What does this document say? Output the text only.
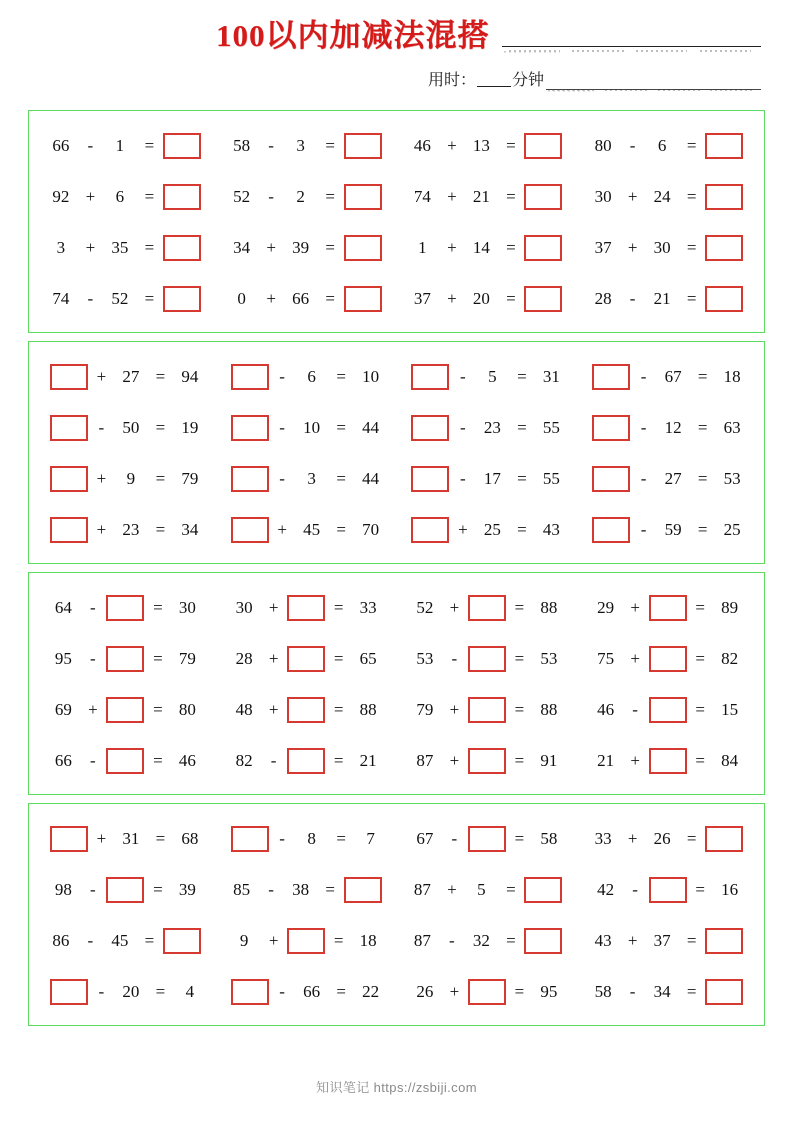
100以内加减法混搭
用时： 分钟
66	-	1	=	58	-	3	=	46 + 13 =	80	-	6	=
92 +	6	=	52	-	2	=	74 + 21 =	30 + 24 =
3	+ 35 =	34 + 39 =	1	+ 14 =	37 + 30 =
74	-	52 =	0	+ 66 =	37 + 20 =	28	-	21 =
+ 27 = 94	-	6	= 10	-	5	= 31	-	67 = 18
-	50 = 19	-	10 = 44	-	23 = 55	-	12 = 63
+	9	= 79	-	3	= 44	-	17 = 55	-	27 = 53
+ 23 = 34	+ 45 = 70	+ 25 = 43	-	59 = 25
64	-	= 30 30 +	= 33 52 +	= 88 29 +	= 89
95	-	= 79 28 +	= 65 53	-	= 53 75 +	= 82
69 +	= 80 48 +	= 88 79 +	= 88 46	-	= 15
66	-	= 46 82	-	= 21 87 +	= 91 21 +	= 84
+ 31 = 68	-	8	=	7	67	-	= 58 33 + 26 =
98	-	= 39 85	-	38 =	87 +	5	=	42	-	= 16
86	-	45 =	9	+	= 18 87	-	32 =	43 + 37 =
-	20 =	4	-	66 = 22 26 +	= 95 58	-	34 =
知识笔记 https://zsbiji.com
